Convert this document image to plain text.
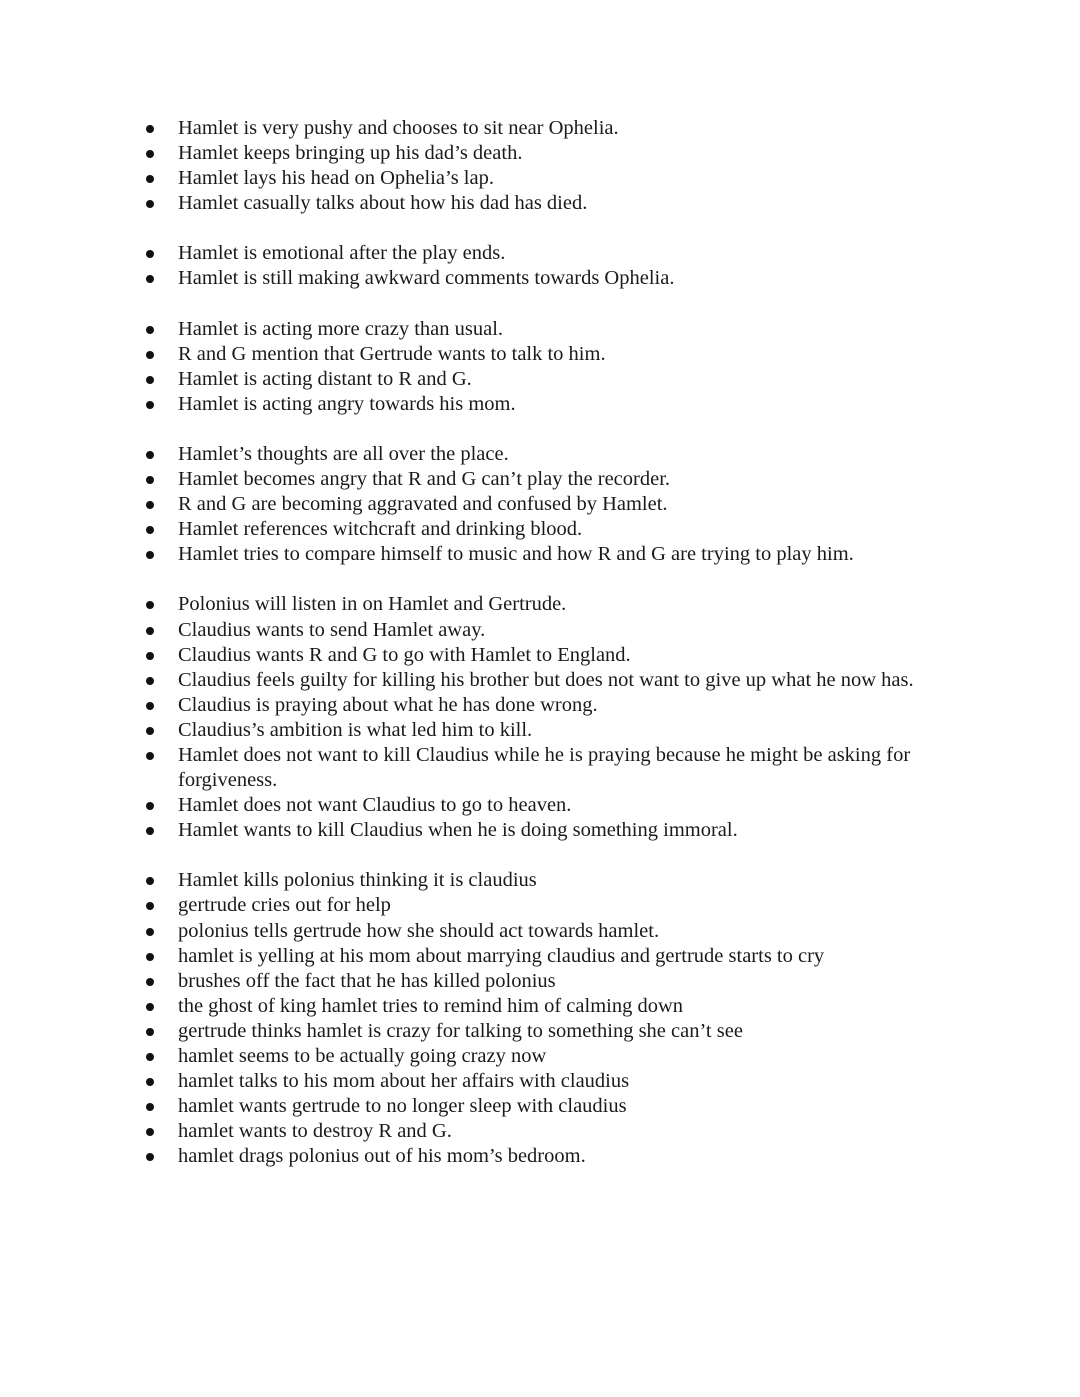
Hamlet is very pushy and chooses to sit near Ophelia.
Hamlet keeps bringing up his dad’s death.
Hamlet lays his head on Ophelia’s lap.
Hamlet casually talks about how his dad has died.
Hamlet is emotional after the play ends.
Hamlet is still making awkward comments towards Ophelia.
Hamlet is acting more crazy than usual.
R and G mention that Gertrude wants to talk to him.
Hamlet is acting distant to R and G.
Hamlet is acting angry towards his mom.
Hamlet’s thoughts are all over the place.
Hamlet becomes angry that R and G can’t play the recorder.
R and G are becoming aggravated and confused by Hamlet.
Hamlet references witchcraft and drinking blood.
Hamlet tries to compare himself to music and how R and G are trying to play him.
Polonius will listen in on Hamlet and Gertrude.
Claudius wants to send Hamlet away.
Claudius wants R and G to go with Hamlet to England.
Claudius feels guilty for killing his brother but does not want to give up what he now has.
Claudius is praying about what he has done wrong.
Claudius’s ambition is what led him to kill.
Hamlet does not want to kill Claudius while he is praying because he might be asking for forgiveness.
Hamlet does not want Claudius to go to heaven.
Hamlet wants to kill Claudius when he is doing something immoral.
Hamlet kills polonius thinking it is claudius
gertrude cries out for help
polonius tells gertrude how she should act towards hamlet.
hamlet is yelling at his mom about marrying claudius and gertrude starts to cry
brushes off the fact that he has killed polonius
the ghost of king hamlet tries to remind him of calming down
gertrude thinks hamlet is crazy for talking to something she can’t see
hamlet seems to be actually going crazy now
hamlet talks to his mom about her affairs with claudius
hamlet wants gertrude to no longer sleep with claudius
hamlet wants to destroy R and G.
hamlet drags polonius out of his mom’s bedroom.
